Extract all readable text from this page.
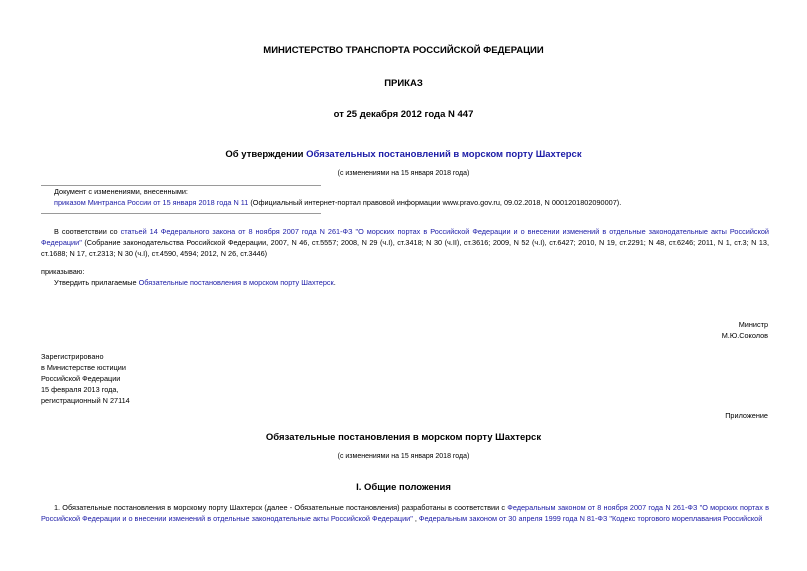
МИНИСТЕРСТВО ТРАНСПОРТА РОССИЙСКОЙ ФЕДЕРАЦИИ
ПРИКАЗ
от 25 декабря 2012 года N 447
Об утверждении Обязательных постановлений в морском порту Шахтерск
(с изменениями на 15 января 2018 года)
Документ с изменениями, внесенными:
приказом Минтранса России от 15 января 2018 года N 11 (Официальный интернет-портал правовой информации www.pravo.gov.ru, 09.02.2018, N 0001201802090007).
В соответствии со статьей 14 Федерального закона от 8 ноября 2007 года N 261-ФЗ "О морских портах в Российской Федерации и о внесении изменений в отдельные законодательные акты Российской Федерации" (Собрание законодательства Российской Федерации, 2007, N 46, ст.5557; 2008, N 29 (ч.I), ст.3418; N 30 (ч.II), ст.3616; 2009, N 52 (ч.I), ст.6427; 2010, N 19, ст.2291; N 48, ст.6246; 2011, N 1, ст.3; N 13, ст.1688; N 17, ст.2313; N 30 (ч.I), ст.4590, 4594; 2012, N 26, ст.3446)
приказываю:
Утвердить прилагаемые Обязательные постановления в морском порту Шахтерск.
Министр
М.Ю.Соколов
Зарегистрировано
в Министерстве юстиции
Российской Федерации
15 февраля 2013 года,
регистрационный N 27114
Приложение
Обязательные постановления в морском порту Шахтерск
(с изменениями на 15 января 2018 года)
I. Общие положения
1. Обязательные постановления в морскому порту Шахтерск (далее - Обязательные постановления) разработаны в соответствии с Федеральным законом от 8 ноября 2007 года N 261-ФЗ "О морских портах в Российской Федерации и о внесении изменений в отдельные законодательные акты Российской Федерации" , Федеральным законом от 30 апреля 1999 года N 81-ФЗ "Кодекс торгового мореплавания Российской
